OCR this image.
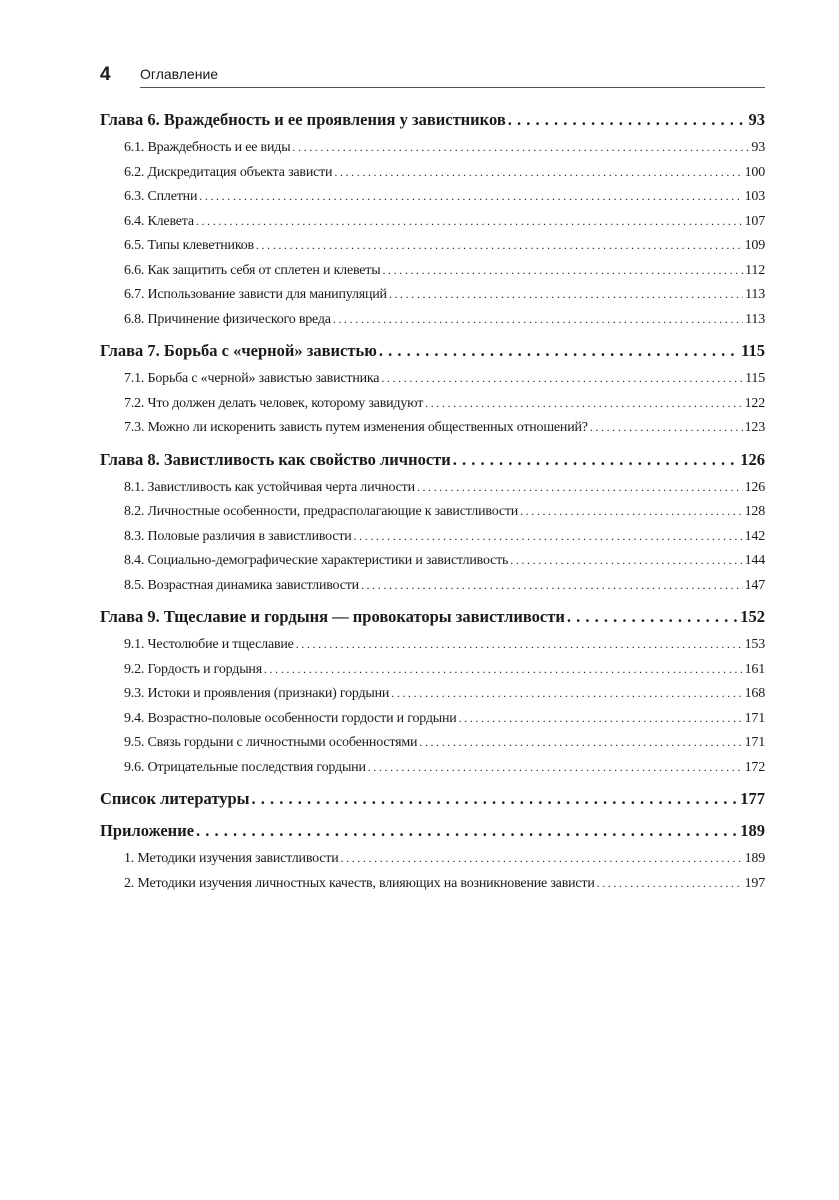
4 Оглавление
Глава 6. Враждебность и ее проявления у завистников . . .	93
6.1. Враждебность и ее виды . . .	93
6.2. Дискредитация объекта зависти . . .	100
6.3. Сплетни . . .	103
6.4. Клевета . . .	107
6.5. Типы клеветников . . .	109
6.6. Как защитить себя от сплетен и клеветы . . .	112
6.7. Использование зависти для манипуляций . . .	113
6.8. Причинение физического вреда . . .	113
Глава 7. Борьба с «черной» завистью . . .	115
7.1. Борьба с «черной» завистью завистника . . .	115
7.2. Что должен делать человек, которому завидуют . . .	122
7.3. Можно ли искоренить зависть путем изменения общественных отношений? . . .	123
Глава 8. Завистливость как свойство личности . . .	126
8.1. Завистливость как устойчивая черта личности . . .	126
8.2. Личностные особенности, предрасполагающие к завистливости . . .	128
8.3. Половые различия в завистливости . . .	142
8.4. Социально-демографические характеристики и завистливость . . .	144
8.5. Возрастная динамика завистливости . . .	147
Глава 9. Тщеславие и гордыня — провокаторы завистливости . . .	152
9.1. Честолюбие и тщеславие . . .	153
9.2. Гордость и гордыня . . .	161
9.3. Истоки и проявления (признаки) гордыни . . .	168
9.4. Возрастно-половые особенности гордости и гордыни . . .	171
9.5. Связь гордыни с личностными особенностями . . .	171
9.6. Отрицательные последствия гордыни . . .	172
Список литературы . . .	177
Приложение . . .	189
1. Методики изучения завистливости . . .	189
2. Методики изучения личностных качеств, влияющих на возникновение зависти . . .	197
